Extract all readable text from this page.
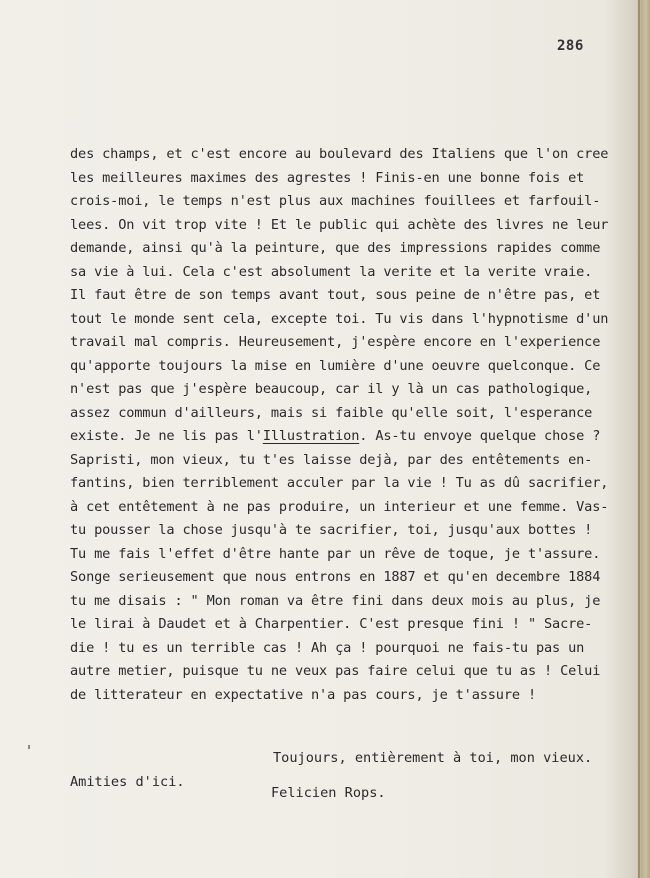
286
des champs, et c'est encore au boulevard des Italiens que l'on cree
les meilleures maximes des agrestes ! Finis-en une bonne fois et
crois-moi, le temps n'est plus aux machines fouillees et farfouil-
lees. On vit trop vite ! Et le public qui achète des livres ne leur
demande, ainsi qu'à la peinture, que des impressions rapides comme
sa vie à lui. Cela c'est absolument la verite et la verite vraie.
Il faut être de son temps avant tout, sous peine de n'être pas, et
tout le monde sent cela, excepte toi. Tu vis dans l'hypnotisme d'un
travail mal compris. Heureusement, j'espère encore en l'experience
qu'apporte toujours la mise en lumière d'une oeuvre quelconque. Ce
n'est pas que j'espère beaucoup, car il y là un cas pathologique,
assez commun d'ailleurs, mais si faible qu'elle soit, l'esperance
existe. Je ne lis pas l'Illustration. As-tu envoye quelque chose ?
Sapristi, mon vieux, tu t'es laisse dejà, par des entêtements en-
fantins, bien terriblement acculer par la vie ! Tu as dû sacrifier,
à cet entêtement à ne pas produire, un interieur et une femme. Vas-
tu pousser la chose jusqu'à te sacrifier, toi, jusqu'aux bottes !
Tu me fais l'effet d'être hante par un rêve de toque, je t'assure.
Songe serieusement que nous entrons en 1887 et qu'en decembre 1884
tu me disais : " Mon roman va être fini dans deux mois au plus, je
le lirai à Daudet et à Charpentier. C'est presque fini ! " Sacre-
die ! tu es un terrible cas ! Ah ça ! pourquoi ne fais-tu pas un
autre metier, puisque tu ne veux pas faire celui que tu as ! Celui
de litterateur en expectative n'a pas cours, je t'assure !
Toujours, entièrement à toi, mon vieux.
Amities d'ici.
Felicien Rops.
